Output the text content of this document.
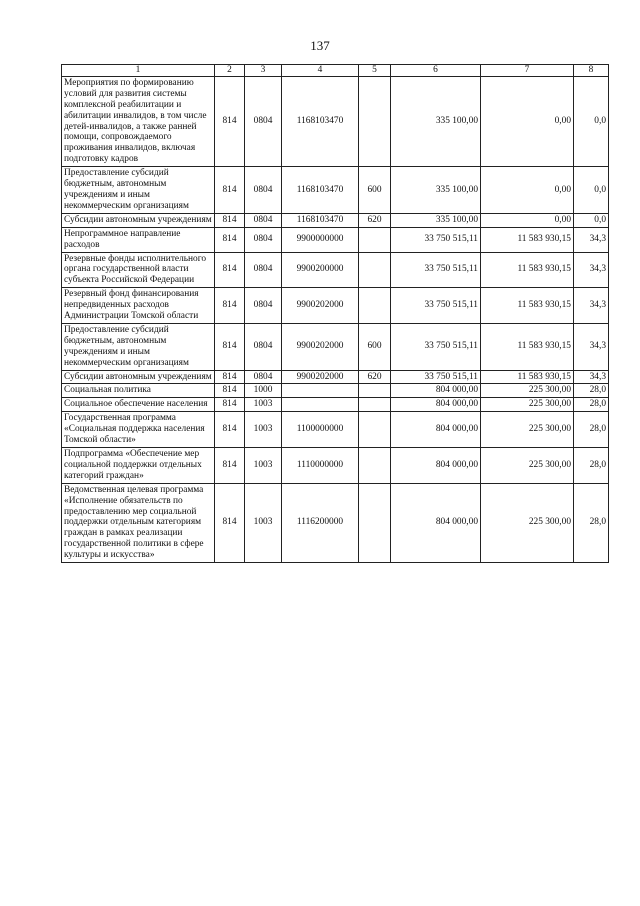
137
1	2	3	4	5	6	7	8
Мероприятия по формированию условий для развития системы комплексной реабилитации и абилитации инвалидов, в том числе детей-инвалидов, а также ранней помощи, сопровождаемого проживания инвалидов, включая подготовку кадров	814	0804	1168103470		335 100,00	0,00	0,0
Предоставление субсидий бюджетным, автономным учреждениям и иным некоммерческим организациям	814	0804	1168103470	600	335 100,00	0,00	0,0
Субсидии автономным учреждениям	814	0804	1168103470	620	335 100,00	0,00	0,0
Непрограммное направление расходов	814	0804	9900000000		33 750 515,11	11 583 930,15	34,3
Резервные фонды исполнительного органа государственной власти субъекта Российской Федерации	814	0804	9900200000		33 750 515,11	11 583 930,15	34,3
Резервный фонд финансирования непредвиденных расходов Администрации Томской области	814	0804	9900202000		33 750 515,11	11 583 930,15	34,3
Предоставление субсидий бюджетным, автономным учреждениям и иным некоммерческим организациям	814	0804	9900202000	600	33 750 515,11	11 583 930,15	34,3
Субсидии автономным учреждениям	814	0804	9900202000	620	33 750 515,11	11 583 930,15	34,3
Социальная политика	814	1000			804 000,00	225 300,00	28,0
Социальное обеспечение населения	814	1003			804 000,00	225 300,00	28,0
Государственная программа «Социальная поддержка населения Томской области»	814	1003	1100000000		804 000,00	225 300,00	28,0
Подпрограмма «Обеспечение мер социальной поддержки отдельных категорий граждан»	814	1003	1110000000		804 000,00	225 300,00	28,0
Ведомственная целевая программа «Исполнение обязательств по предоставлению мер социальной поддержки отдельным категориям граждан в рамках реализации государственной политики в сфере культуры и искусства»	814	1003	1116200000		804 000,00	225 300,00	28,0
